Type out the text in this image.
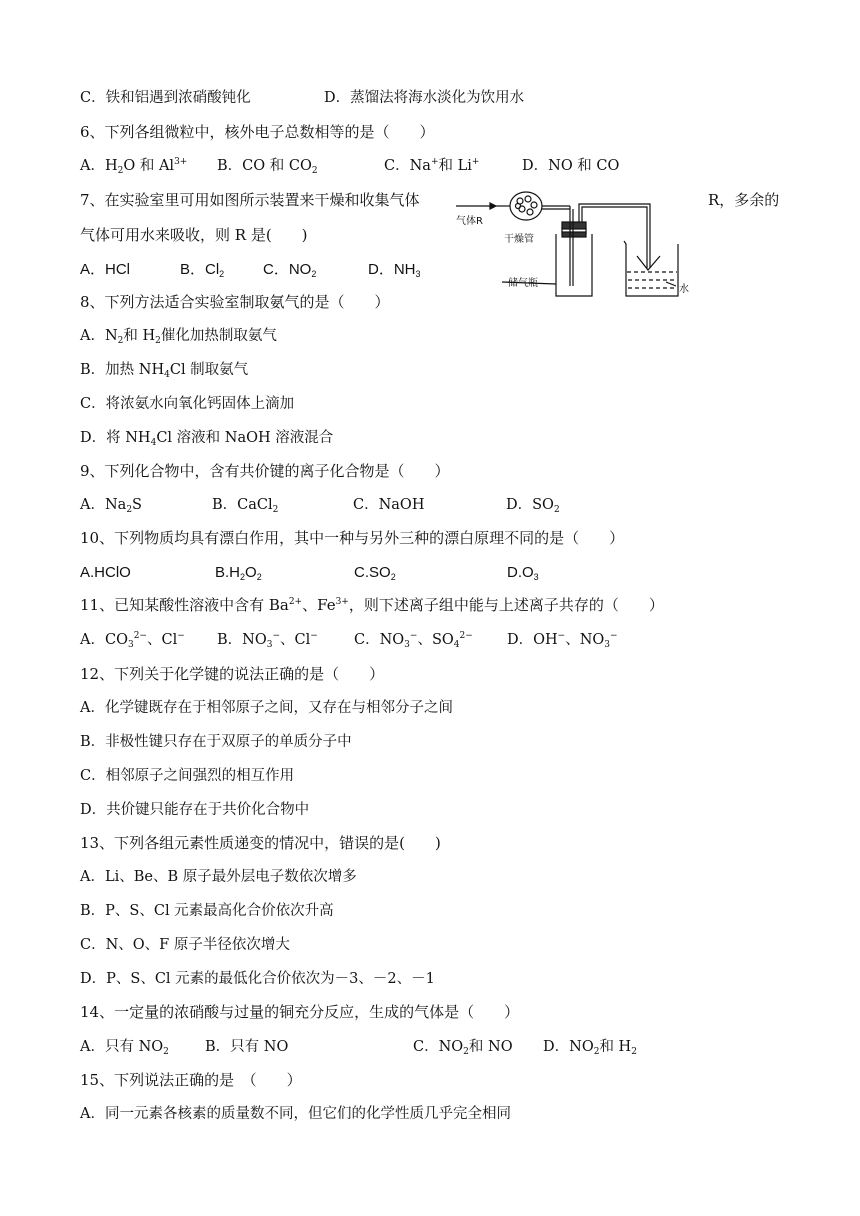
C．铁和铝遇到浓硝酸钝化	D．蒸馏法将海水淡化为饮用水
6、下列各组微粒中，核外电子总数相等的是（　　）
A．$H_2O$ 和 $Al^{3+}$ B．CO 和 $CO_2$	C．Na+和 Li+	D．NO 和 CO
7、在实验室里可用如图所示装置来干燥和收集气体	R，多余的
气体可用水来吸收，则 R 是(　　)
A．HCl	B．$Cl_2$	C．$NO_2$	D．$NH_3$
气体R
干燥管
储气瓶
水
8、下列方法适合实验室制取氨气的是（　　）
A．$N_2$和 $H_2$催化加热制取氨气
B．加热 $NH_4Cl$ 制取氨气
C．将浓氨水向氧化钙固体上滴加
D．将 $NH_4Cl$ 溶液和 NaOH 溶液混合
9、下列化合物中，含有共价键的离子化合物是（　　）
A．$Na_2S$	B．CaCl$_2$	C．NaOH	D．$SO_2$
10、下列物质均具有漂白作用，其中一种与另外三种的漂白原理不同的是（　　）
A.HClO	$B.H_2O_2$	$C.SO_2$	$D.O_3$
11、已知某酸性溶液中含有 $Ba^{2+}$、$Fe^{3+}$，则下述离子组中能与上述离子共存的（　　）
A．$CO_3^{2-}$、Cl− B．$NO_3^-$、Cl− C．$NO_3^-$、$SO_4^{2-}$ D．OH−、$NO_3^-$
12、下列关于化学键的说法正确的是（　　）
A．化学键既存在于相邻原子之间，又存在与相邻分子之间
B．非极性键只存在于双原子的单质分子中
C．相邻原子之间强烈的相互作用
D．共价键只能存在于共价化合物中
13、下列各组元素性质递变的情况中，错误的是(　　)
A．Li、Be、B 原子最外层电子数依次增多
B．P、S、Cl 元素最高化合价依次升高
C．N、O、F 原子半径依次增大
D．P、S、Cl 元素的最低化合价依次为－3、－2、－1
14、一定量的浓硝酸与过量的铜充分反应，生成的气体是（　　）
A．只有 $NO_2$ B．只有 NO	C．$NO_2$和 NO D．$NO_2$和 $H_2$
15、下列说法正确的是　（　　）
A．同一元素各核素的质量数不同，但它们的化学性质几乎完全相同
